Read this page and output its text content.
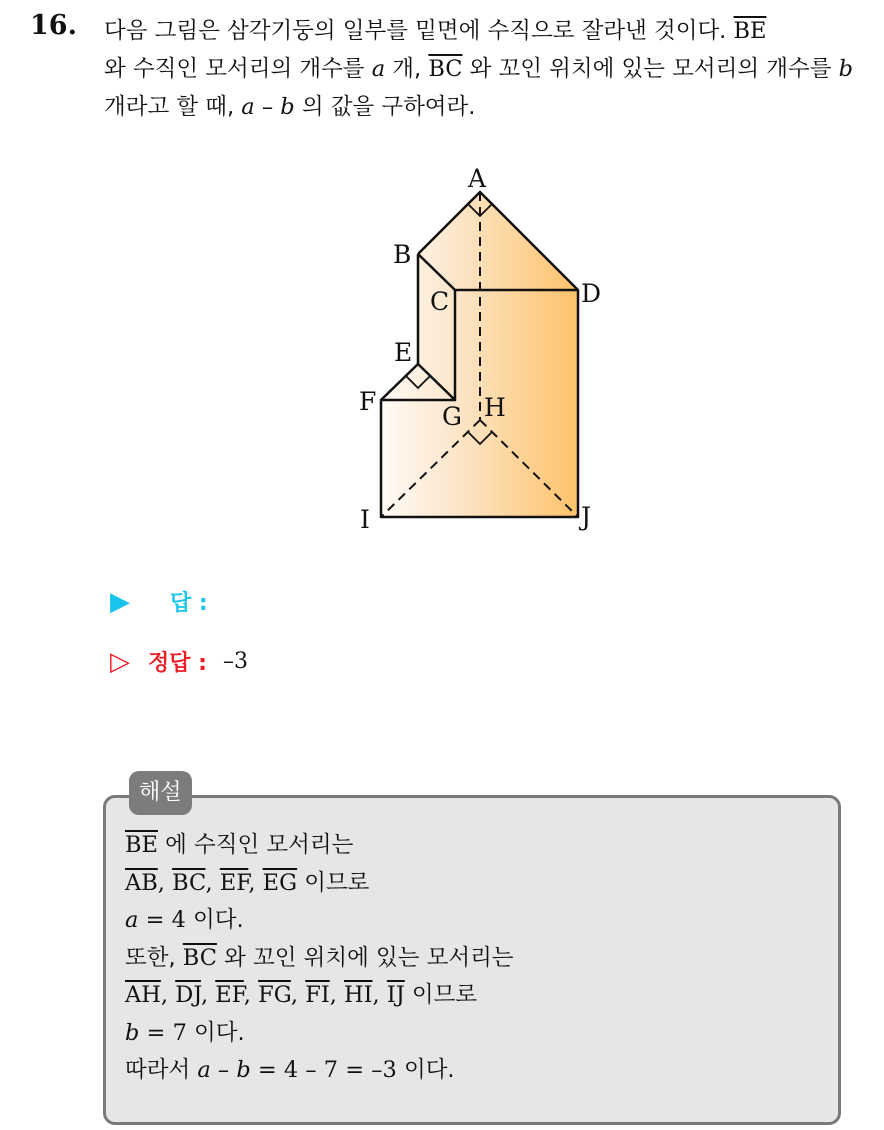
16. 다음 그림은 삼각기둥의 일부를 밑면에 수직으로 잘라낸 것이다. $\overline{BE}$
와 수직인 모서리의 개수를 a 개, $\overline{BC}$ 와 꼬인 위치에 있는 모서리의 개수를 b 개라고 할 때, a – b 의 값을 구하여라.
A
B
C	D
E
F
G H
I	J
▶	답 :
▷ 정답 : –3
해설
$\overline{BE}$ 에 수직인 모서리는
$\overline{AB}$, $\overline{BC}$, $\overline{EF}$, $\overline{EG}$ 이므로
a = 4 이다.
또한, $\overline{BC}$ 와 꼬인 위치에 있는 모서리는
$\overline{AH}$, $\overline{DJ}$, $\overline{EF}$, $\overline{FG}$, $\overline{FI}$, $\overline{HI}$, $\overline{IJ}$ 이므로
b = 7 이다.
따라서 a – b = 4 – 7 = –3 이다.
